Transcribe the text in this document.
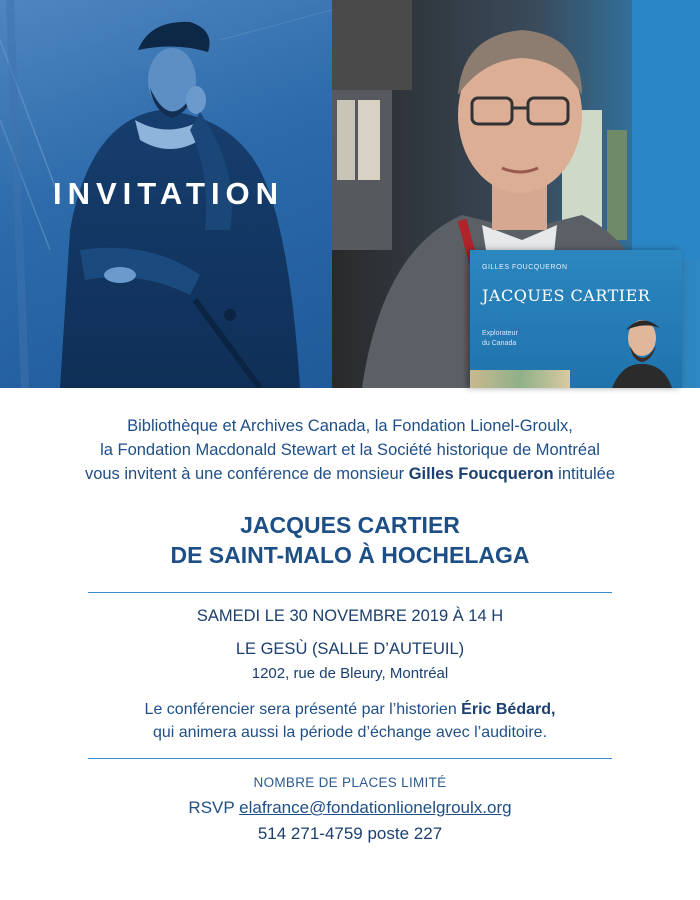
INVITATION
GILLES FOUCQUERON
JACQUES CARTIER
Explorateur
du Canada
Bibliothèque et Archives Canada, la Fondation Lionel-Groulx,
la Fondation Macdonald Stewart et la Société historique de Montréal
vous invitent à une conférence de monsieur Gilles Foucqueron intitulée
JACQUES CARTIER
DE SAINT-MALO À HOCHELAGA
SAMEDI LE 30 NOVEMBRE 2019 À 14 H
LE GESÙ (SALLE D’AUTEUIL)
1202, rue de Bleury, Montréal
Le conférencier sera présenté par l’historien Éric Bédard,
qui animera aussi la période d’échange avec l’auditoire.
NOMBRE DE PLACES LIMITÉ
RSVP elafrance@fondationlionelgroulx.org
514 271-4759 poste 227
